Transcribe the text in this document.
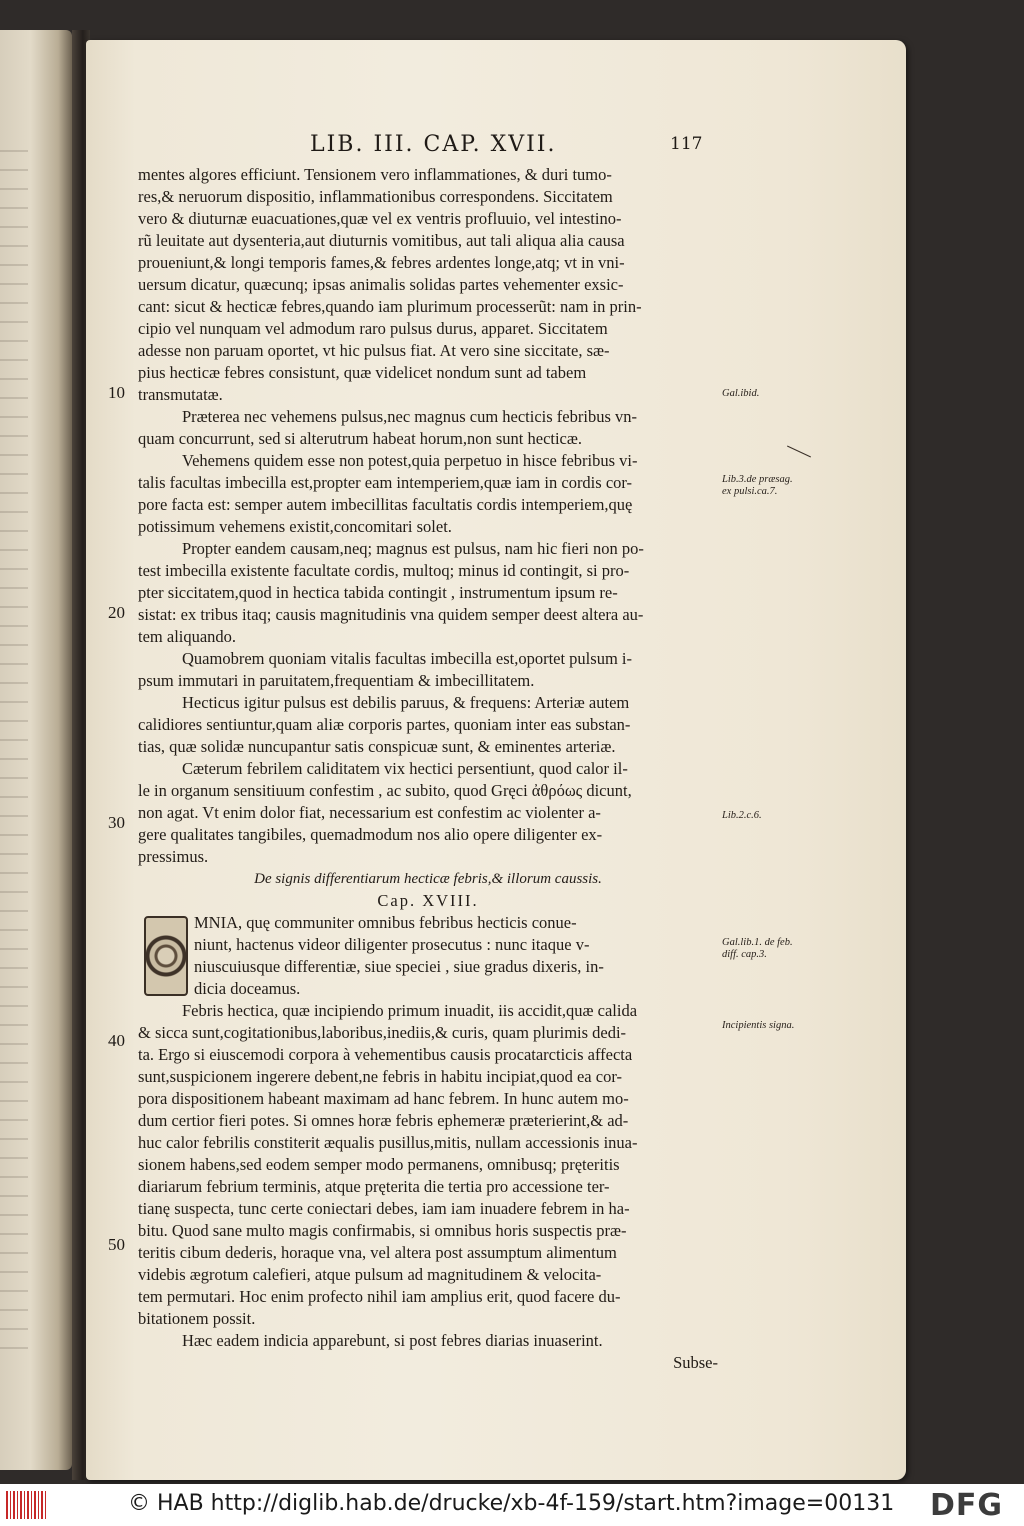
LIB. III. CAP. XVII.	117
10
20
30
40
50
Gal.ibid.
Lib.3.de præsag. ex pulsi.ca.7.
Lib.2.c.6.
Gal.lib.1. de feb. diff. cap.3.
Incipientis signa.
mentes algores efficiunt. Tensionem vero inflammationes, & duri tumo-
res,& neruorum dispositio, inflammationibus correspondens. Siccitatem
vero & diuturnæ euacuationes,quæ vel ex ventris profluuio, vel intestino-
rũ leuitate aut dysenteria,aut diuturnis vomitibus, aut tali aliqua alia causa
proueniunt,& longi temporis fames,& febres ardentes longe,atq; vt in vni-
uersum dicatur, quæcunq; ipsas animalis solidas partes vehementer exsic-
cant: sicut & hecticæ febres,quando iam plurimum processerũt: nam in prin-
cipio vel nunquam vel admodum raro pulsus durus, apparet. Siccitatem
adesse non paruam oportet, vt hic pulsus fiat. At vero sine siccitate, sæ-
pius hecticæ febres consistunt, quæ videlicet nondum sunt ad tabem
transmutatæ.
Præterea nec vehemens pulsus,nec magnus cum hecticis febribus vn-
quam concurrunt, sed si alterutrum habeat horum,non sunt hecticæ.
Vehemens quidem esse non potest,quia perpetuo in hisce febribus vi-
talis facultas imbecilla est,propter eam intemperiem,quæ iam in cordis cor-
pore facta est: semper autem imbecillitas facultatis cordis intemperiem,quę
potissimum vehemens existit,concomitari solet.
Propter eandem causam,neq; magnus est pulsus, nam hic fieri non po-
test imbecilla existente facultate cordis, multoq; minus id contingit, si pro-
pter siccitatem,quod in hectica tabida contingit , instrumentum ipsum re-
sistat: ex tribus itaq; causis magnitudinis vna quidem semper deest altera au-
tem aliquando.
Quamobrem quoniam vitalis facultas imbecilla est,oportet pulsum i-
psum immutari in paruitatem,frequentiam & imbecillitatem.
Hecticus igitur pulsus est debilis paruus, & frequens: Arteriæ autem
calidiores sentiuntur,quam aliæ corporis partes, quoniam inter eas substan-
tias, quæ solidæ nuncupantur satis conspicuæ sunt, & eminentes arteriæ.
Cæterum febrilem caliditatem vix hectici persentiunt, quod calor il-
le in organum sensitiuum confestim , ac subito, quod Gręci ἀθρόως dicunt,
non agat. Vt enim dolor fiat, necessarium est confestim ac violenter a-
gere qualitates tangibiles, quemadmodum nos alio opere diligenter ex-
pressimus.
De signis differentiarum hecticæ febris,& illorum caussis.
Cap. XVIII.
MNIA, quę communiter omnibus febribus hecticis conue-
niunt, hactenus videor diligenter prosecutus : nunc itaque v-
niuscuiusque differentiæ, siue speciei , siue gradus dixeris, in-
dicia doceamus.
Febris hectica, quæ incipiendo primum inuadit, iis accidit,quæ calida
& sicca sunt,cogitationibus,laboribus,inediis,& curis, quam plurimis dedi-
ta. Ergo si eiuscemodi corpora à vehementibus causis procatarcticis affecta
sunt,suspicionem ingerere debent,ne febris in habitu incipiat,quod ea cor-
pora dispositionem habeant maximam ad hanc febrem. In hunc autem mo-
dum certior fieri potes. Si omnes horæ febris ephemeræ præterierint,& ad-
huc calor febrilis constiterit æqualis pusillus,mitis, nullam accessionis inua-
sionem habens,sed eodem semper modo permanens, omnibusq; pręteritis
diariarum febrium terminis, atque pręterita die tertia pro accessione ter-
tianę suspecta, tunc certe coniectari debes, iam iam inuadere febrem in ha-
bitu. Quod sane multo magis confirmabis, si omnibus horis suspectis præ-
teritis cibum dederis, horaque vna, vel altera post assumptum alimentum
videbis ægrotum calefieri, atque pulsum ad magnitudinem & velocita-
tem permutari. Hoc enim profecto nihil iam amplius erit, quod facere du-
bitationem possit.
Hæc eadem indicia apparebunt, si post febres diarias inuaserint.
Subse-
© HAB http://diglib.hab.de/drucke/xb-4f-159/start.htm?image=00131 DFG
